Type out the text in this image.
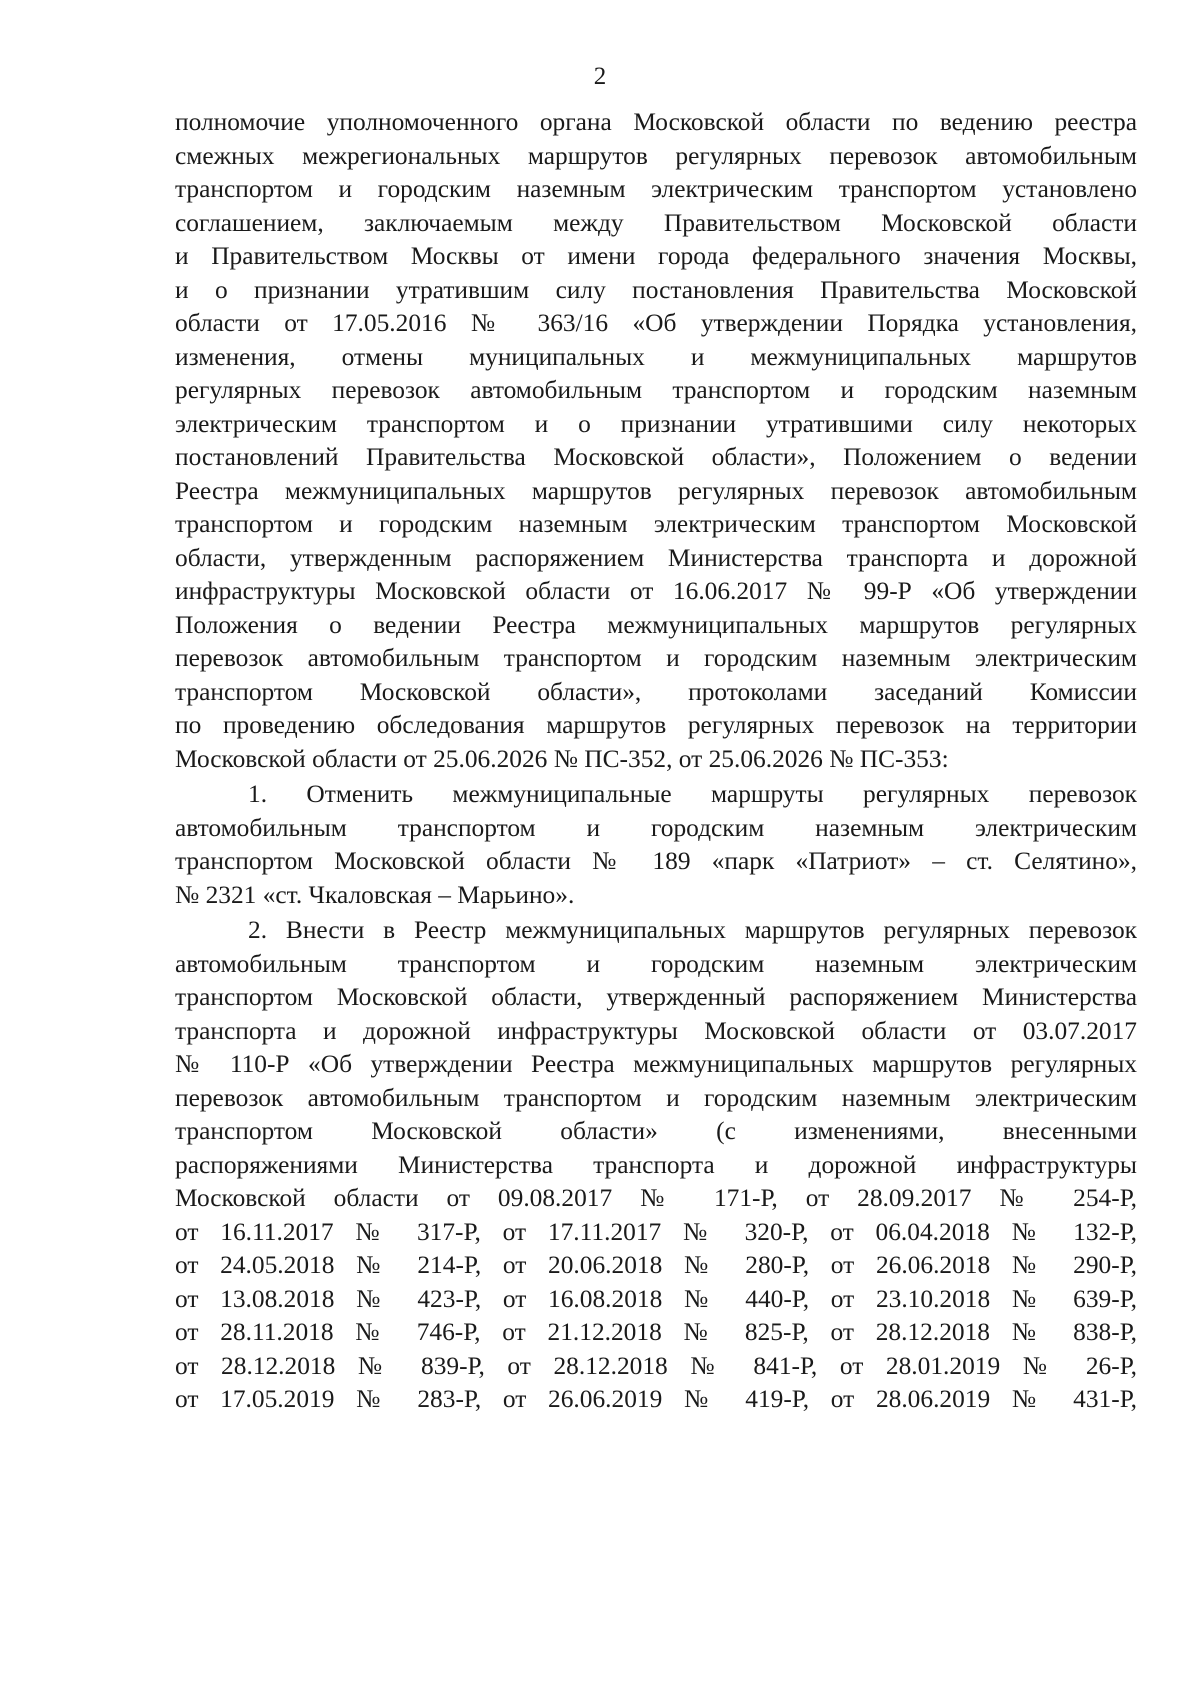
2
полномочие уполномоченного органа Московской области по ведению реестра
смежных межрегиональных маршрутов регулярных перевозок автомобильным
транспортом и городским наземным электрическим транспортом установлено
соглашением, заключаемым между Правительством Московской области
и Правительством Москвы от имени города федерального значения Москвы,
и о признании утратившим силу постановления Правительства Московской
области от 17.05.2016 № 363/16 «Об утверждении Порядка установления,
изменения, отмены муниципальных и межмуниципальных маршрутов
регулярных перевозок автомобильным транспортом и городским наземным
электрическим транспортом и о признании утратившими силу некоторых
постановлений Правительства Московской области», Положением о ведении
Реестра межмуниципальных маршрутов регулярных перевозок автомобильным
транспортом и городским наземным электрическим транспортом Московской
области, утвержденным распоряжением Министерства транспорта и дорожной
инфраструктуры Московской области от 16.06.2017 № 99-Р «Об утверждении
Положения о ведении Реестра межмуниципальных маршрутов регулярных
перевозок автомобильным транспортом и городским наземным электрическим
транспортом Московской области», протоколами заседаний Комиссии
по проведению обследования маршрутов регулярных перевозок на территории
Московской области от 25.06.2026 № ПС-352, от 25.06.2026 № ПС-353:
1. Отменить межмуниципальные маршруты регулярных перевозок
автомобильным транспортом и городским наземным электрическим
транспортом Московской области № 189 «парк «Патриот» – ст. Селятино»,
№ 2321 «ст. Чкаловская – Марьино».
2. Внести в Реестр межмуниципальных маршрутов регулярных перевозок
автомобильным транспортом и городским наземным электрическим
транспортом Московской области, утвержденный распоряжением Министерства
транспорта и дорожной инфраструктуры Московской области от 03.07.2017
№ 110-Р «Об утверждении Реестра межмуниципальных маршрутов регулярных
перевозок автомобильным транспортом и городским наземным электрическим
транспортом Московской области» (с изменениями, внесенными
распоряжениями Министерства транспорта и дорожной инфраструктуры
Московской области от 09.08.2017 № 171-Р, от 28.09.2017 № 254-Р,
от 16.11.2017 № 317-Р, от 17.11.2017 № 320-Р, от 06.04.2018 № 132-Р,
от 24.05.2018 № 214-Р, от 20.06.2018 № 280-Р, от 26.06.2018 № 290-Р,
от 13.08.2018 № 423-Р, от 16.08.2018 № 440-Р, от 23.10.2018 № 639-Р,
от 28.11.2018 № 746-Р, от 21.12.2018 № 825-Р, от 28.12.2018 № 838-Р,
от 28.12.2018 № 839-Р, от 28.12.2018 № 841-Р, от 28.01.2019 № 26-Р,
от 17.05.2019 № 283-Р, от 26.06.2019 № 419-Р, от 28.06.2019 № 431-Р,
